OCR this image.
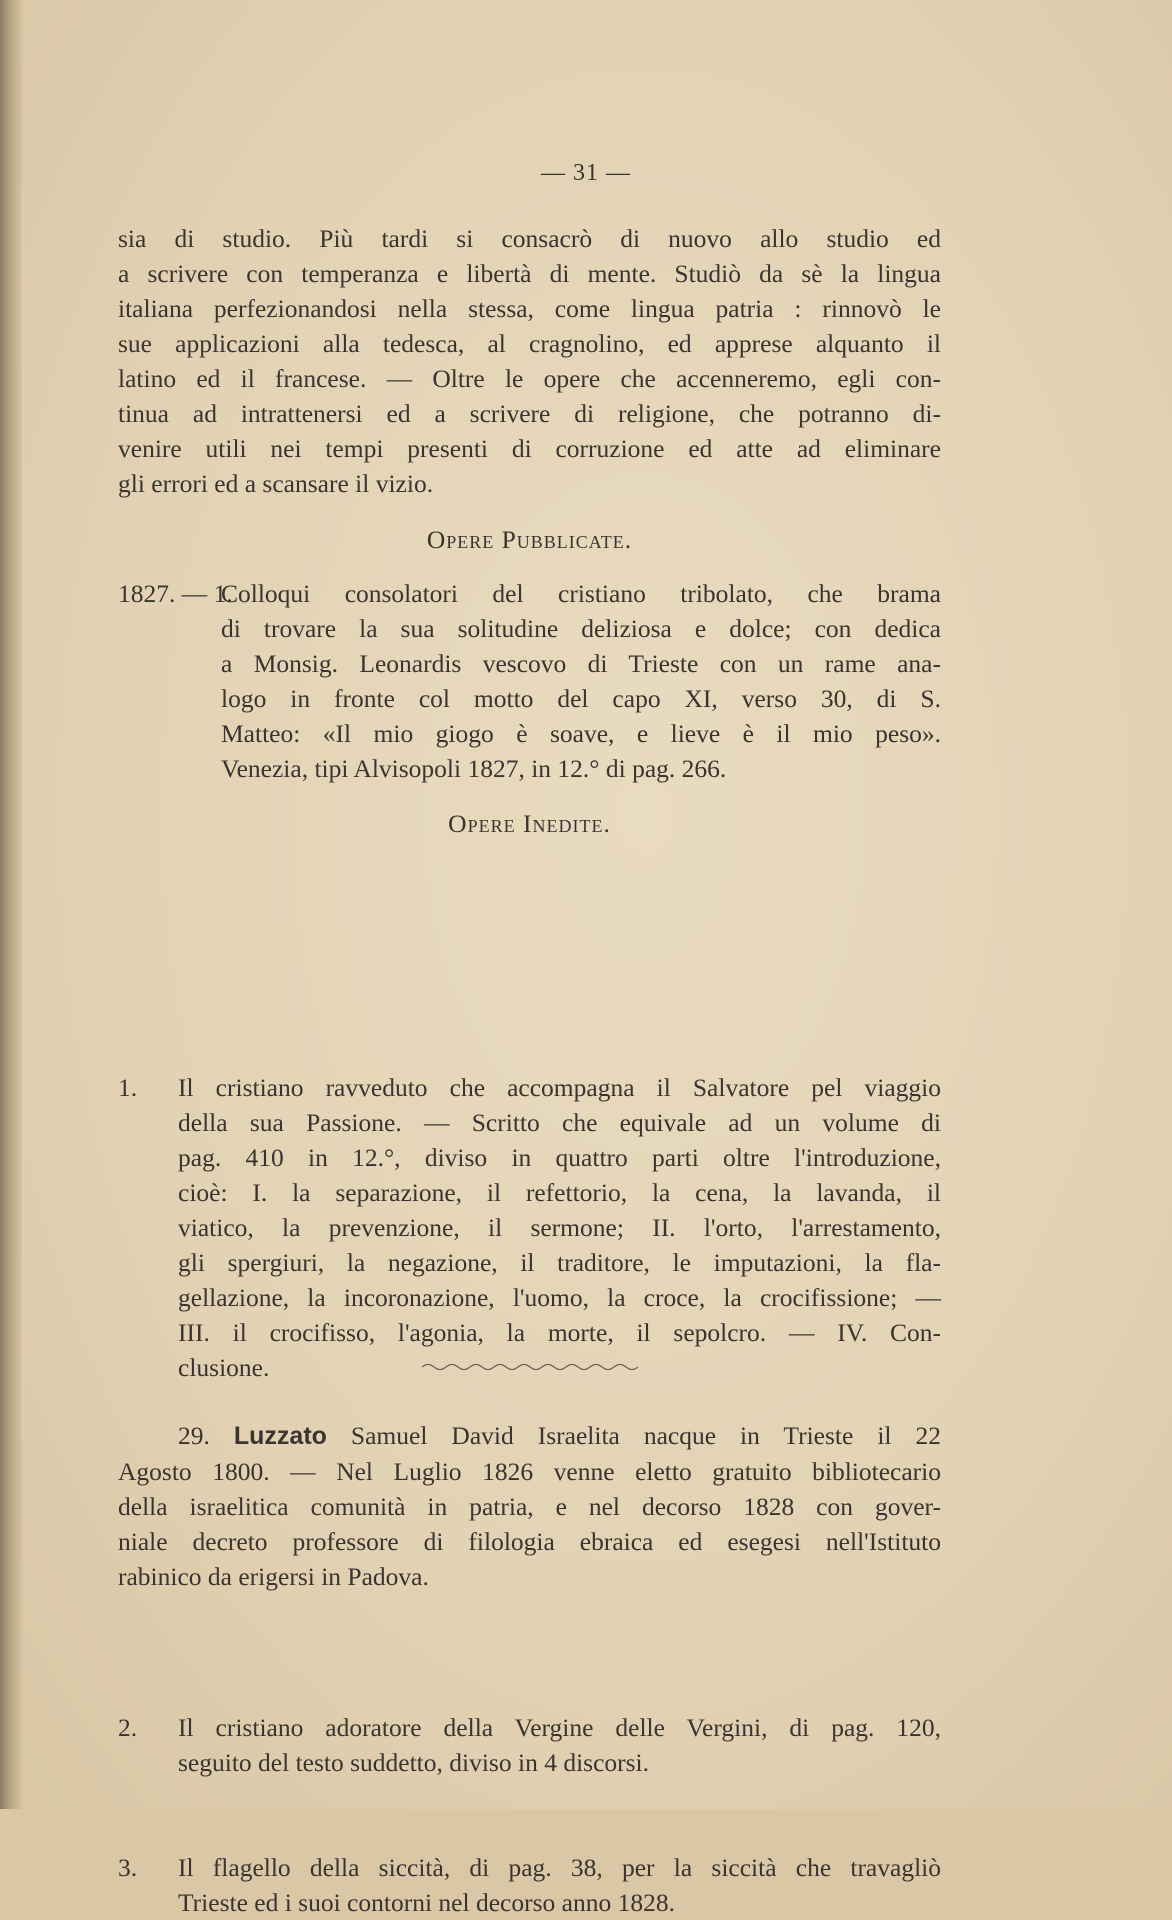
— 31 —

sia di studio. Più tardi si consacrò di nuovo allo studio ed

a scrivere con temperanza e libertà di mente. Studiò da sè la lingua

italiana perfezionandosi nella stessa, come lingua patria : rinnovò le

sue applicazioni alla tedesca, al cragnolino, ed apprese alquanto il

latino ed il francese. — Oltre le opere che accenneremo, egli con-

tinua ad intrattenersi ed a scrivere di religione, che potranno di-

venire utili nei tempi presenti di corruzione ed atte ad eliminare

gli errori ed a scansare il vizio.

Opere Pubblicate.

1827. — 1.

Colloqui consolatori del cristiano tribolato, che brama

di trovare la sua solitudine deliziosa e dolce; con dedica

a Monsig. Leonardis vescovo di Trieste con un rame ana-

logo in fronte col motto del capo XI, verso 30, di S.

Matteo: «Il mio giogo è soave, e lieve è il mio peso».

Venezia, tipi Alvisopoli 1827, in 12.° di pag. 266.

Opere Inedite.

1. Il cristiano ravveduto che accompagna il Salvatore pel viaggio

della sua Passione. — Scritto che equivale ad un volume di

pag. 410 in 12.°, diviso in quattro parti oltre l'introduzione,

cioè: I. la separazione, il refettorio, la cena, la lavanda, il

viatico, la prevenzione, il sermone; II. l'orto, l'arrestamento,

gli spergiuri, la negazione, il traditore, le imputazioni, la fla-

gellazione, la incoronazione, l'uomo, la croce, la crocifissione; —

III. il crocifisso, l'agonia, la morte, il sepolcro. — IV. Con-

clusione.

2. Il cristiano adoratore della Vergine delle Vergini, di pag. 120,

seguito del testo suddetto, diviso in 4 discorsi.

3. Il flagello della siccità, di pag. 38, per la siccità che travagliò

Trieste ed i suoi contorni nel decorso anno 1828.

29. Luzzato Samuel David Israelita nacque in Trieste il 22

Agosto 1800. — Nel Luglio 1826 venne eletto gratuito bibliotecario

della israelitica comunità in patria, e nel decorso 1828 con gover-

niale decreto professore di filologia ebraica ed esegesi nell'Istituto

rabinico da erigersi in Padova.
